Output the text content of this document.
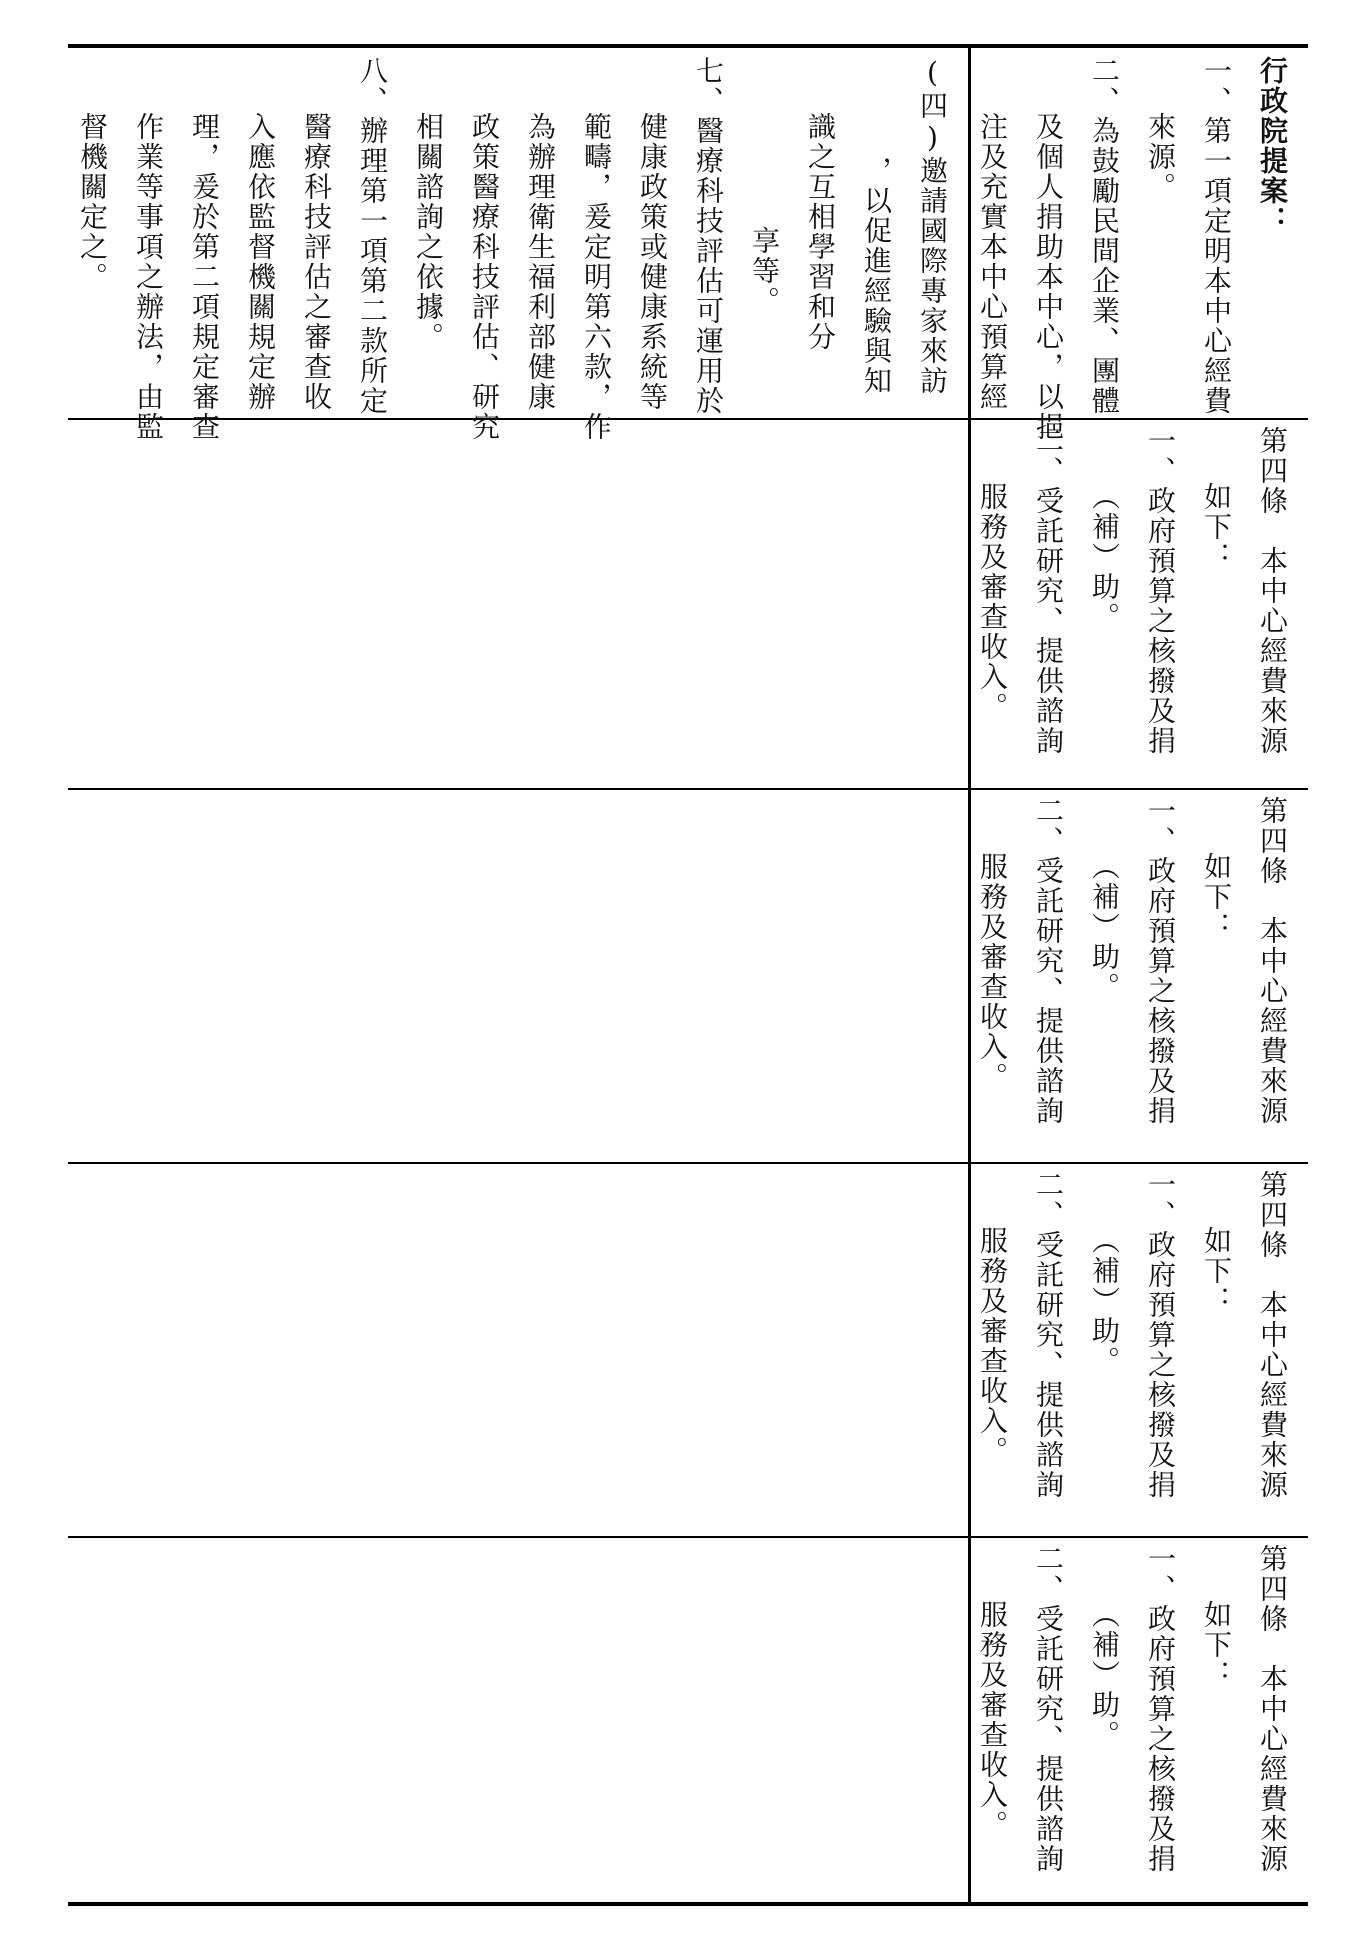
(四)邀請國際專家來訪
，以促進經驗與知
識之互相學習和分
享等。
七、醫療科技評估可運用於
健康政策或健康系統等
範疇，爰定明第六款，作
為辦理衛生福利部健康
政策醫療科技評估、研究
相關諮詢之依據。
八、辦理第一項第二款所定
醫療科技評估之審查收
入應依監督機關規定辦
理，爰於第二項規定審查
作業等事項之辦法，由監
督機關定之。	行政院提案：
一、第一項定明本中心經費
來源。
二、為鼓勵民間企業、團體
及個人捐助本中心，以挹
注及充實本中心預算經
第四條　本中心經費來源
如下：
一、政府預算之核撥及捐
（補）助。
二、受託研究、提供諮詢
服務及審查收入。
第四條　本中心經費來源
如下：
一、政府預算之核撥及捐
（補）助。
二、受託研究、提供諮詢
服務及審查收入。
第四條　本中心經費來源
如下：
一、政府預算之核撥及捐
（補）助。
二、受託研究、提供諮詢
服務及審查收入。
第四條　本中心經費來源
如下：
一、政府預算之核撥及捐
（補）助。
二、受託研究、提供諮詢
服務及審查收入。
